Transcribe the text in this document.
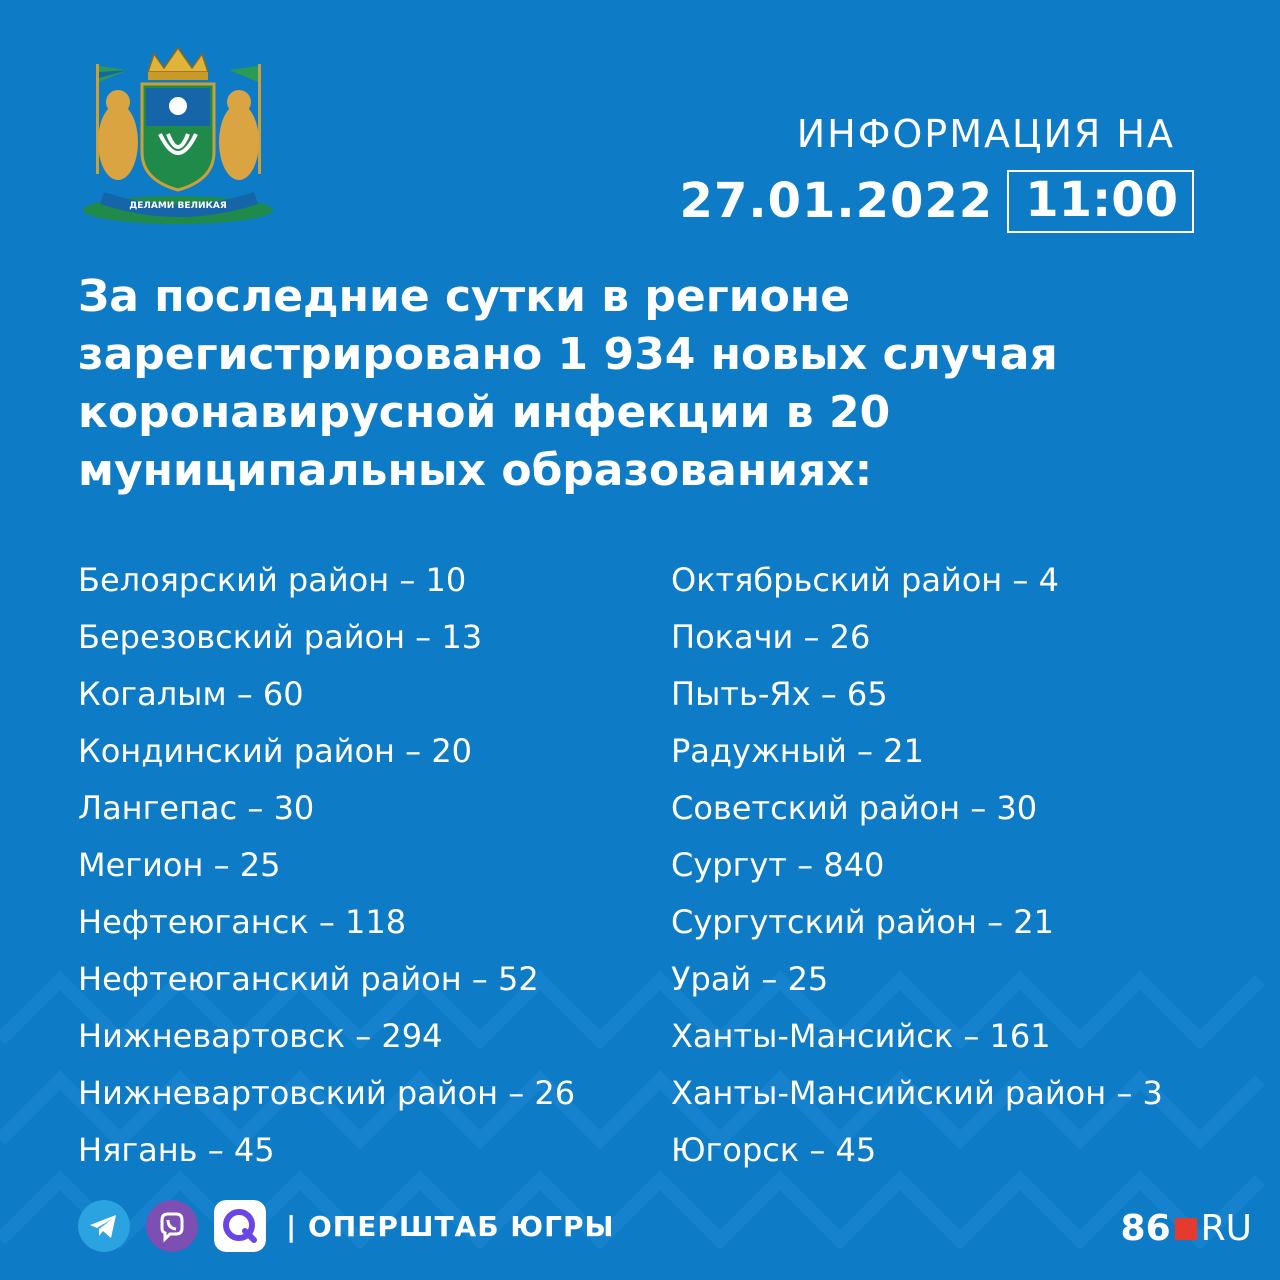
ДЕЛАМИ ВЕЛИКАЯ
ИНФОРМАЦИЯ НА
27.01.2022 11:00
За последние сутки в регионе зарегистрировано 1 934 новых случая коронавирусной инфекции в 20 муниципальных образованиях:
Белоярский район – 10
Березовский район – 13
Когалым – 60
Кондинский район – 20
Лангепас – 30
Мегион – 25
Нефтеюганск – 118
Нефтеюганский район – 52
Нижневартовск – 294
Нижневартовский район – 26
Нягань – 45
Октябрьский район – 4
Покачи – 26
Пыть-Ях – 65
Радужный – 21
Советский район – 30
Сургут – 840
Сургутский район – 21
Урай – 25
Ханты-Мансийск – 161
Ханты-Мансийский район – 3
Югорск – 45
| ОПЕРШТАБ ЮГРЫ	86 RU
